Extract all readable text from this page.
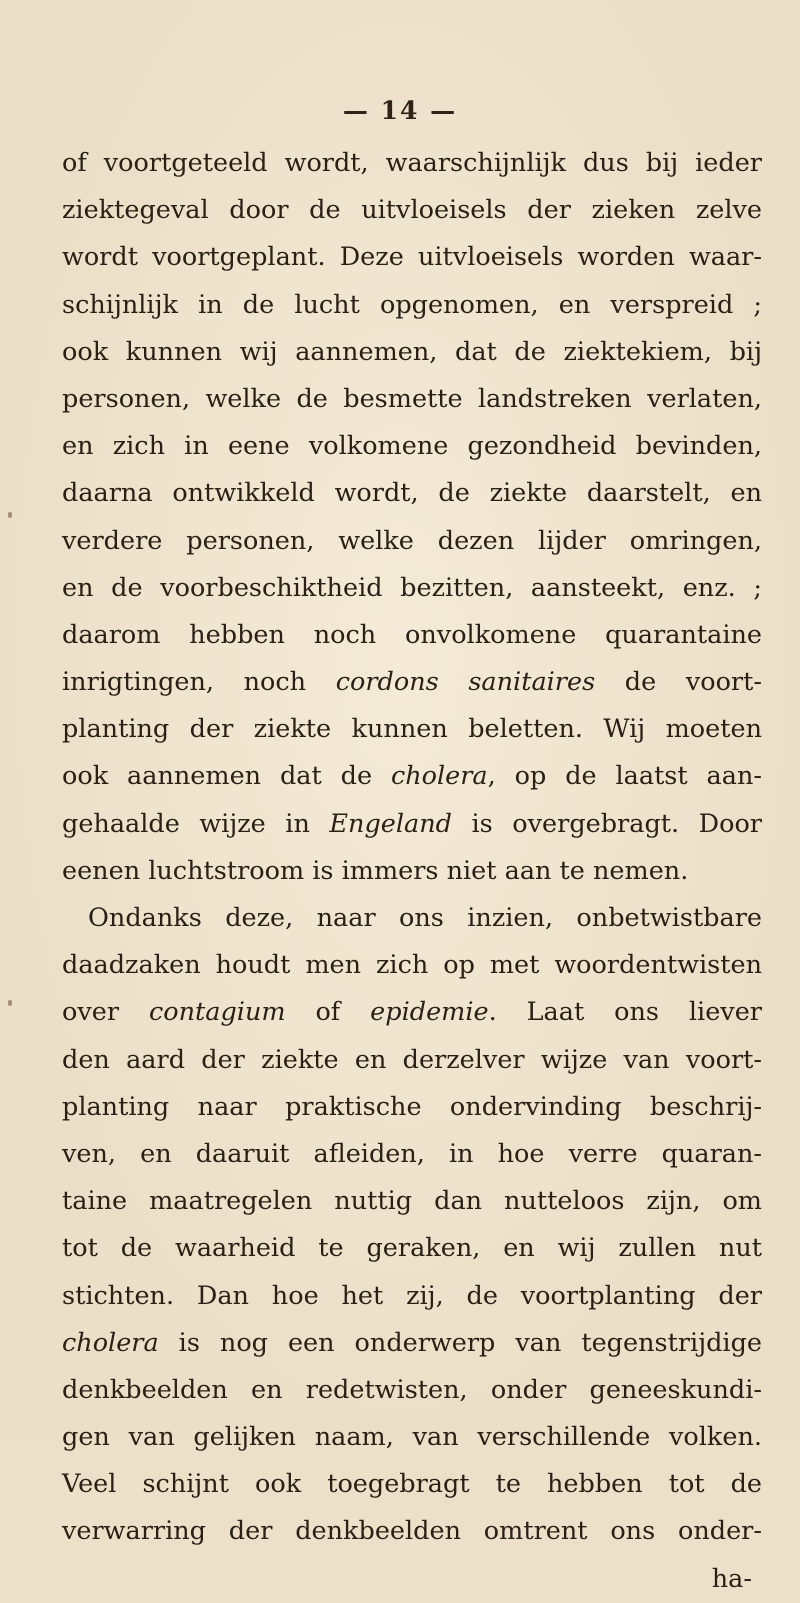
— 14 —
of voortgeteeld wordt, waarschijnlijk dus bij ieder
ziektegeval door de uitvloeisels der zieken zelve
wordt voortgeplant. Deze uitvloeisels worden waar-
schijnlijk in de lucht opgenomen, en verspreid ;
ook kunnen wij aannemen, dat de ziektekiem, bij
personen, welke de besmette landstreken verlaten,
en zich in eene volkomene gezondheid bevinden,
daarna ontwikkeld wordt, de ziekte daarstelt, en
verdere personen, welke dezen lijder omringen,
en de voorbeschiktheid bezitten, aansteekt, enz. ;
daarom hebben noch onvolkomene quarantaine
inrigtingen, noch cordons sanitaires de voort-
planting der ziekte kunnen beletten. Wij moeten
ook aannemen dat de cholera, op de laatst aan-
gehaalde wijze in Engeland is overgebragt. Door
eenen luchtstroom is immers niet aan te nemen.
Ondanks deze, naar ons inzien, onbetwistbare
daadzaken houdt men zich op met woordentwisten
over contagium of epidemie. Laat ons liever
den aard der ziekte en derzelver wijze van voort-
planting naar praktische ondervinding beschrij-
ven, en daaruit afleiden, in hoe verre quaran-
taine maatregelen nuttig dan nutteloos zijn, om
tot de waarheid te geraken, en wij zullen nut
stichten. Dan hoe het zij, de voortplanting der
cholera is nog een onderwerp van tegenstrijdige
denkbeelden en redetwisten, onder geneeskundi-
gen van gelijken naam, van verschillende volken.
Veel schijnt ook toegebragt te hebben tot de
verwarring der denkbeelden omtrent ons onder-
ha-
